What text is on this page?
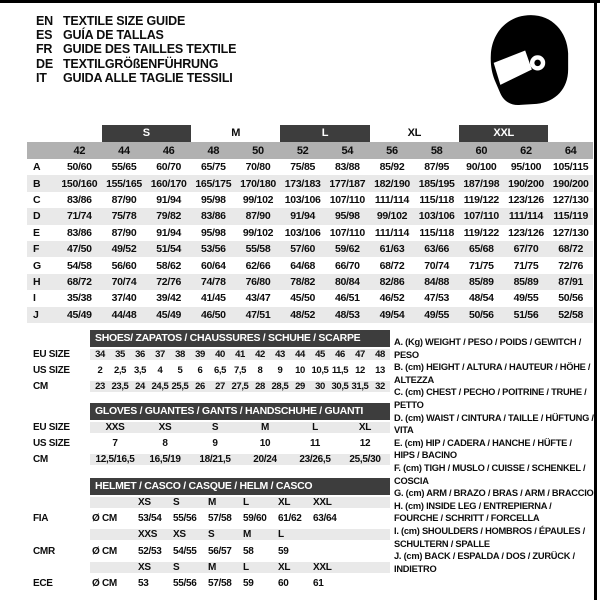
EN TEXTILE SIZE GUIDE
ES GUÍA DE TALLAS
FR GUIDE DES TAILLES TEXTILE
DE TEXTILGRÖßENFÜHRUNG
IT	GUIDA ALLE TAGLIE TESSILI
S	M	L	XL	XXL
42	44	46	48	50	52	54	56	58	60	62	64
A	50/60	55/65	60/70	65/75	70/80	75/85	83/88	85/92	87/95	90/100	95/100	105/115
B	150/160 155/165 160/170 165/175 170/180 173/183 177/187 182/190 185/195 187/198 190/200 190/200
C	83/86	87/90	91/94	95/98	99/102	103/106 107/110 111/114 115/118 119/122 123/126 127/130
D	71/74	75/78	79/82	83/86	87/90	91/94	95/98	99/102	103/106 107/110 111/114 115/119
E	83/86	87/90	91/94	95/98	99/102	103/106 107/110 111/114 115/118 119/122 123/126 127/130
F	47/50	49/52	51/54	53/56	55/58	57/60	59/62	61/63	63/66	65/68	67/70	68/72
G	54/58	56/60	58/62	60/64	62/66	64/68	66/70	68/72	70/74	71/75	71/75	72/76
H	68/72	70/74	72/76	74/78	76/80	78/82	80/84	82/86	84/88	85/89	85/89	87/91
I	35/38	37/40	39/42	41/45	43/47	45/50	46/51	46/52	47/53	48/54	49/55	50/56
J	45/49	44/48	45/49	46/50	47/51	48/52	48/53	49/54	49/55	50/56	51/56	52/58
SHOES/ ZAPATOS / CHAUSSURES / SCHUHE / SCARPE
EU SIZE	34	35	36	37	38	39	40	41	42	43	44	45	46	47	48
US SIZE	2	2,5 3,5	4	5	6	6,5 7,5	8	9	10 10,5 11,5 12	13
CM	23 23,5 24 24,5 25,5 26	27 27,5 28 28,5 29	30 30,5 31,5 32
GLOVES / GUANTES / GANTS / HANDSCHUHE / GUANTI
EU SIZE	XXS	XS	S	M	L	XL
US SIZE	7	8	9	10	11	12
CM	12,5/16,5	16,5/19	18/21,5	20/24	23/26,5	25,5/30
HELMET / CASCO / CASQUE / HELM / CASCO
XS	S	M	L	XL	XXL
FIA	Ø CM	53/54	55/56	57/58	59/60	61/62	63/64
XXS	XS	S	M	L
CMR	Ø CM	52/53	54/55	56/57	58	59
XS	S	M	L	XL	XXL
ECE	Ø CM	53	55/56	57/58	59	60	61
A. (Kg) WEIGHT / PESO / POIDS / GEWITCH / PESO
B. (cm) HEIGHT / ALTURA / HAUTEUR / HÖHE / ALTEZZA
C. (cm) CHEST / PECHO / POITRINE / TRUHE / PETTO
D. (cm) WAIST / CINTURA / TAILLE / HÜFTUNG / VITA
E. (cm) HIP / CADERA / HANCHE / HÜFTE / HIPS / BACINO
F. (cm) TIGH / MUSLO / CUISSE / SCHENKEL / COSCIA
G. (cm) ARM / BRAZO / BRAS / ARM / BRACCIO
H. (cm) INSIDE LEG / ENTREPIERNA / FOURCHE / SCHRITT / FORCELLA
I. (cm) SHOULDERS / HOMBROS / ÉPAULES / SCHULTERN / SPALLE
J. (cm) BACK / ESPALDA / DOS / ZURÜCK / INDIETRO
